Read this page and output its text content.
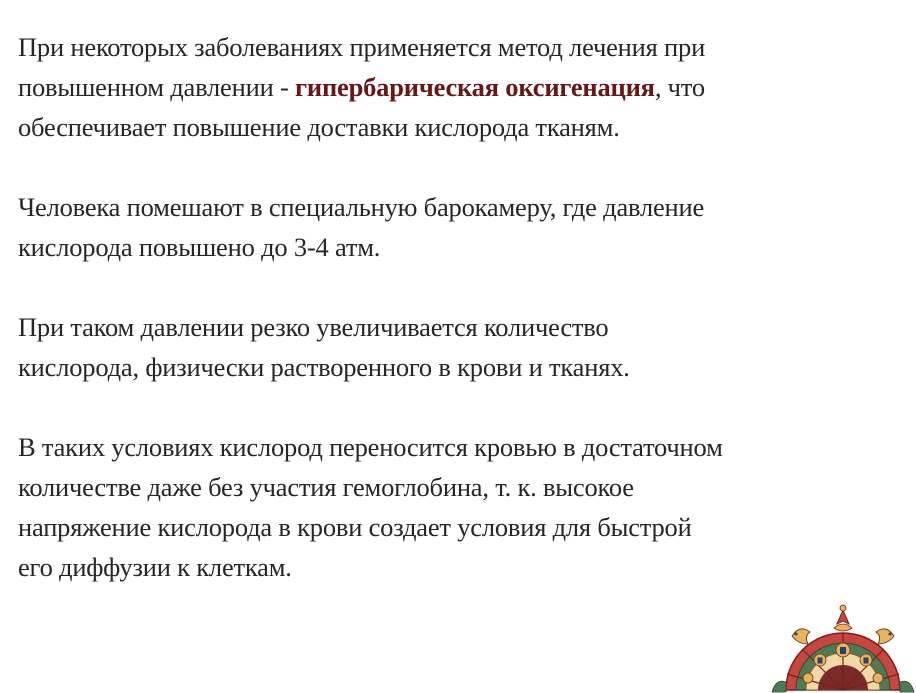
При некоторых заболеваниях применяется метод лечения при
повышенном давлении - гипербарическая оксигенация, что
обеспечивает повышение доставки кислорода тканям.

Человека помешают в специальную барокамеру, где давление
кислорода повышено до 3-4 атм.

При таком давлении резко увеличивается количество
кислорода, физически растворенного в крови и тканях.

В таких условиях кислород переносится кровью в достаточном
количестве даже без участия гемоглобина, т. к. высокое
напряжение кислорода в крови создает условия для быстрой
его диффузии к клеткам.
